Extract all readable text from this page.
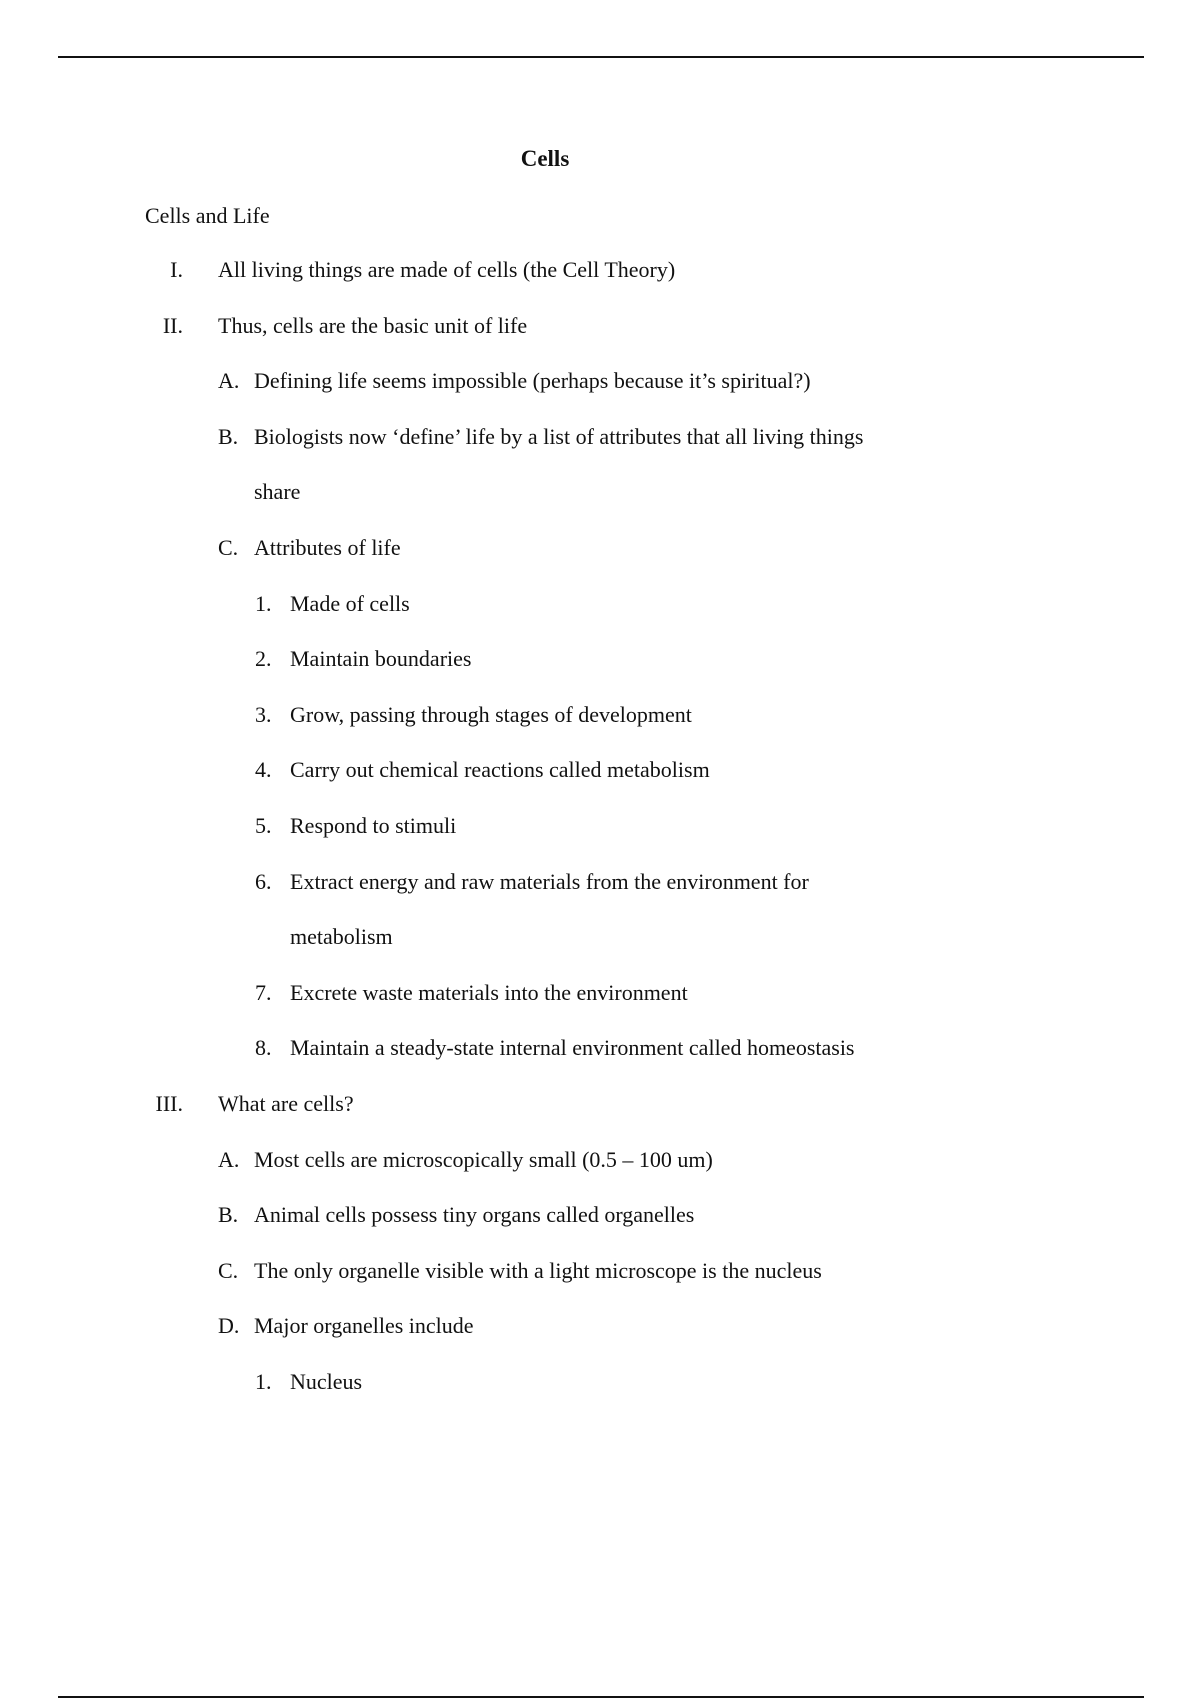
Cells
Cells and Life
I. All living things are made of cells (the Cell Theory)
II. Thus, cells are the basic unit of life
A. Defining life seems impossible (perhaps because it’s spiritual?)
B. Biologists now ‘define’ life by a list of attributes that all living things
share
C. Attributes of life
1. Made of cells
2. Maintain boundaries
3. Grow, passing through stages of development
4. Carry out chemical reactions called metabolism
5. Respond to stimuli
6. Extract energy and raw materials from the environment for
metabolism
7. Excrete waste materials into the environment
8. Maintain a steady-state internal environment called homeostasis
III. What are cells?
A. Most cells are microscopically small (0.5 – 100 um)
B. Animal cells possess tiny organs called organelles
C. The only organelle visible with a light microscope is the nucleus
D. Major organelles include
1. Nucleus
